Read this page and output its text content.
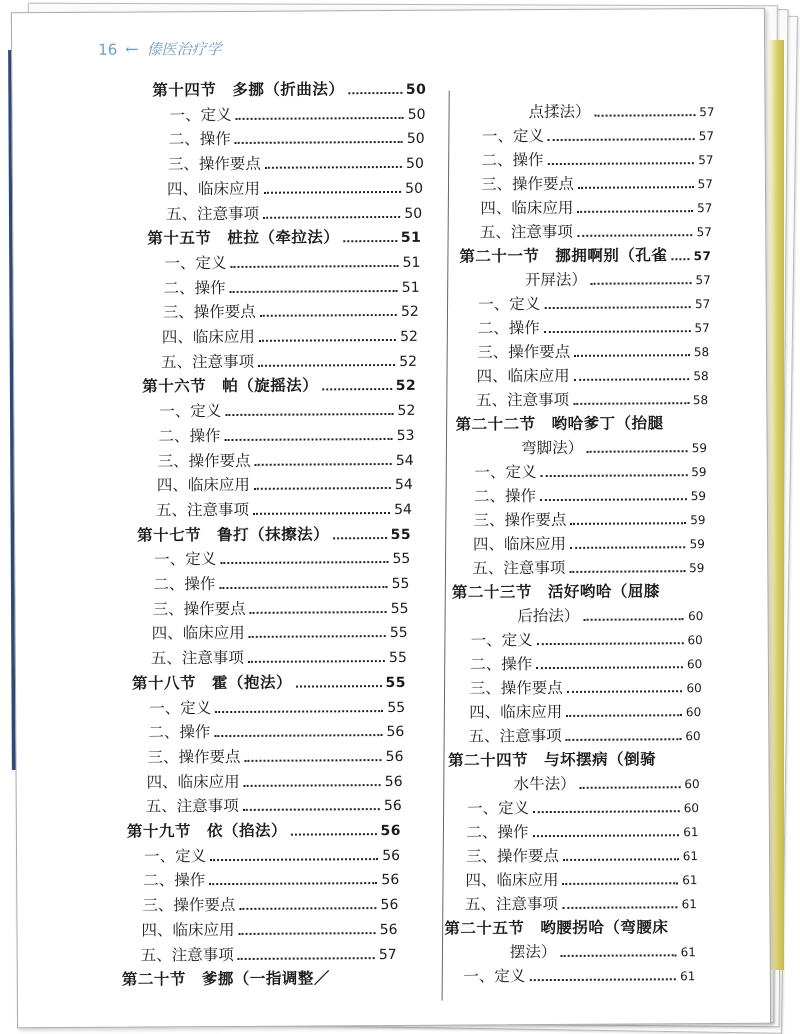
16 ← 傣医治疗学
第十四节　多挪（折曲法）	50
一、定义	50
二、操作	50
三、操作要点	50
四、临床应用	50
五、注意事项	50
第十五节　桩拉（牵拉法）	51
一、定义	51
二、操作	51
三、操作要点	52
四、临床应用	52
五、注意事项	52
第十六节　帕（旋摇法）	52
一、定义	52
二、操作	53
三、操作要点	54
四、临床应用	54
五、注意事项	54
第十七节　鲁打（抹擦法）	55
一、定义	55
二、操作	55
三、操作要点	55
四、临床应用	55
五、注意事项	55
第十八节　霍（抱法）	55
一、定义	55
二、操作	56
三、操作要点	56
四、临床应用	56
五、注意事项	56
第十九节　依（掐法）	56
一、定义	56
二、操作	56
三、操作要点	56
四、临床应用	56
五、注意事项	57
第二十节　爹挪（一指调整／
点揉法）	57
一、定义	57
二、操作	57
三、操作要点	57
四、临床应用	57
五、注意事项	57
第二十一节　挪拥啊别（孔雀 57
开屏法）	57
一、定义	57
二、操作	57
三、操作要点	58
四、临床应用	58
五、注意事项	58
第二十二节　哟哈爹丁（抬腿
弯脚法）	59
一、定义	59
二、操作	59
三、操作要点	59
四、临床应用	59
五、注意事项	59
第二十三节　活好哟哈（屈膝
后抬法）	60
一、定义	60
二、操作	60
三、操作要点	60
四、临床应用	60
五、注意事项	60
第二十四节　与坏摆病（倒骑
水牛法）	60
一、定义	60
二、操作	61
三、操作要点	61
四、临床应用	61
五、注意事项	61
第二十五节　哟腰拐哈（弯腰床
摆法）	61
一、定义	61
